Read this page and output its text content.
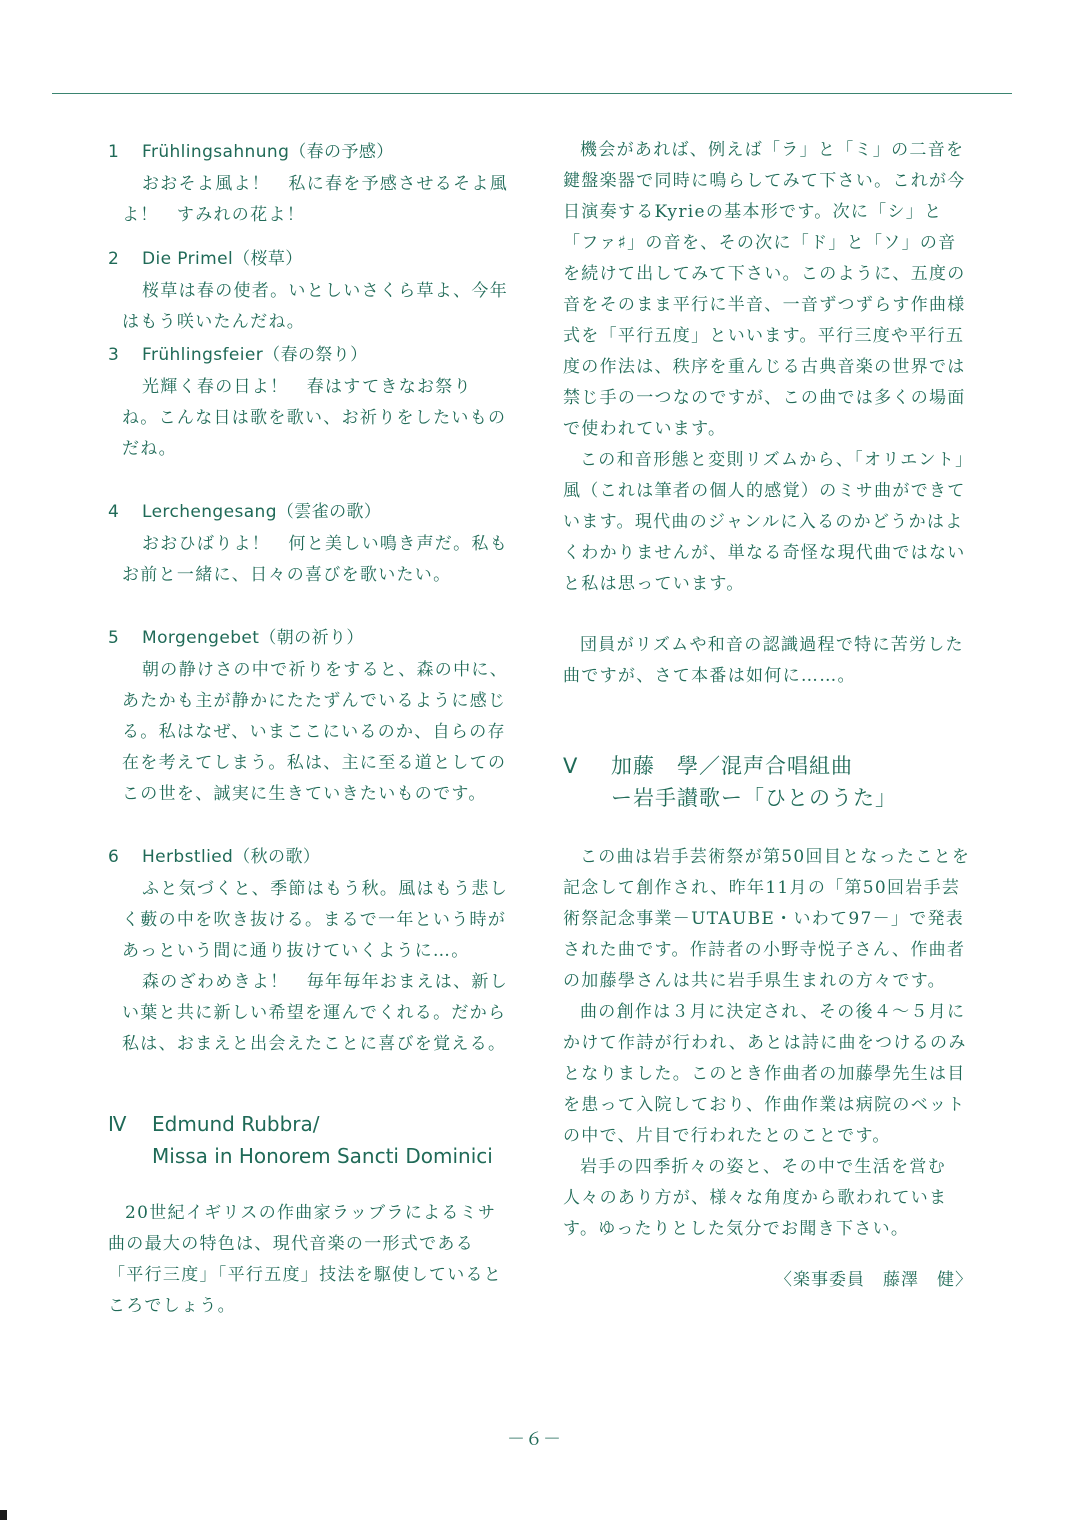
1 Frühlingsahnung（春の予感）

おおそよ風よ！　私に春を予感させるそよ風よ！　すみれの花よ！

2 Die Primel（桜草）

桜草は春の使者。いとしいさくら草よ、今年はもう咲いたんだね。

3 Frühlingsfeier（春の祭り）

光輝く春の日よ！　春はすてきなお祭りね。こんな日は歌を歌い、お祈りをしたいものだね。

4 Lerchengesang（雲雀の歌）

おおひばりよ！　何と美しい鳴き声だ。私もお前と一緒に、日々の喜びを歌いたい。

5 Morgengebet（朝の祈り）

朝の静けさの中で祈りをすると、森の中に、あたかも主が静かにたたずんでいるように感じる。私はなぜ、いまここにいるのか、自らの存在を考えてしまう。私は、主に至る道としてのこの世を、誠実に生きていきたいものです。

6 Herbstlied（秋の歌）

ふと気づくと、季節はもう秋。風はもう悲しく藪の中を吹き抜ける。まるで一年という時があっという間に通り抜けていくように…。

森のざわめきよ！　毎年毎年おまえは、新しい葉と共に新しい希望を運んでくれる。だから私は、おまえと出会えたことに喜びを覚える。

Ⅳ Edmund Rubbra/
Missa in Honorem Sancti Dominici

20世紀イギリスの作曲家ラッブラによるミサ曲の最大の特色は、現代音楽の一形式である「平行三度」「平行五度」技法を駆使しているところでしょう。

機会があれば、例えば「ラ」と「ミ」の二音を鍵盤楽器で同時に鳴らしてみて下さい。これが今日演奏するKyrieの基本形です。次に「シ」と「ファ♯」の音を、その次に「ド」と「ソ」の音を続けて出してみて下さい。このように、五度の音をそのまま平行に半音、一音ずつずらす作曲様式を「平行五度」といいます。平行三度や平行五度の作法は、秩序を重んじる古典音楽の世界では禁じ手の一つなのですが、この曲では多くの場面で使われています。

この和音形態と変則リズムから、「オリエント」風（これは筆者の個人的感覚）のミサ曲ができています。現代曲のジャンルに入るのかどうかはよくわかりませんが、単なる奇怪な現代曲ではないと私は思っています。

団員がリズムや和音の認識過程で特に苦労した曲ですが、さて本番は如何に……。

Ⅴ 加藤　學／混声合唱組曲
ー岩手讃歌ー「ひとのうた」

この曲は岩手芸術祭が第50回目となったことを記念して創作され、昨年11月の「第50回岩手芸術祭記念事業－UTAUBE・いわて97－」で発表された曲です。作詩者の小野寺悦子さん、作曲者の加藤學さんは共に岩手県生まれの方々です。

曲の創作は３月に決定され、その後４～５月にかけて作詩が行われ、あとは詩に曲をつけるのみとなりました。このとき作曲者の加藤學先生は目を患って入院しており、作曲作業は病院のベットの中で、片目で行われたとのことです。

岩手の四季折々の姿と、その中で生活を営む人々のあり方が、様々な角度から歌われています。ゆったりとした気分でお聞き下さい。

〈楽事委員　藤澤　健〉

－６－
